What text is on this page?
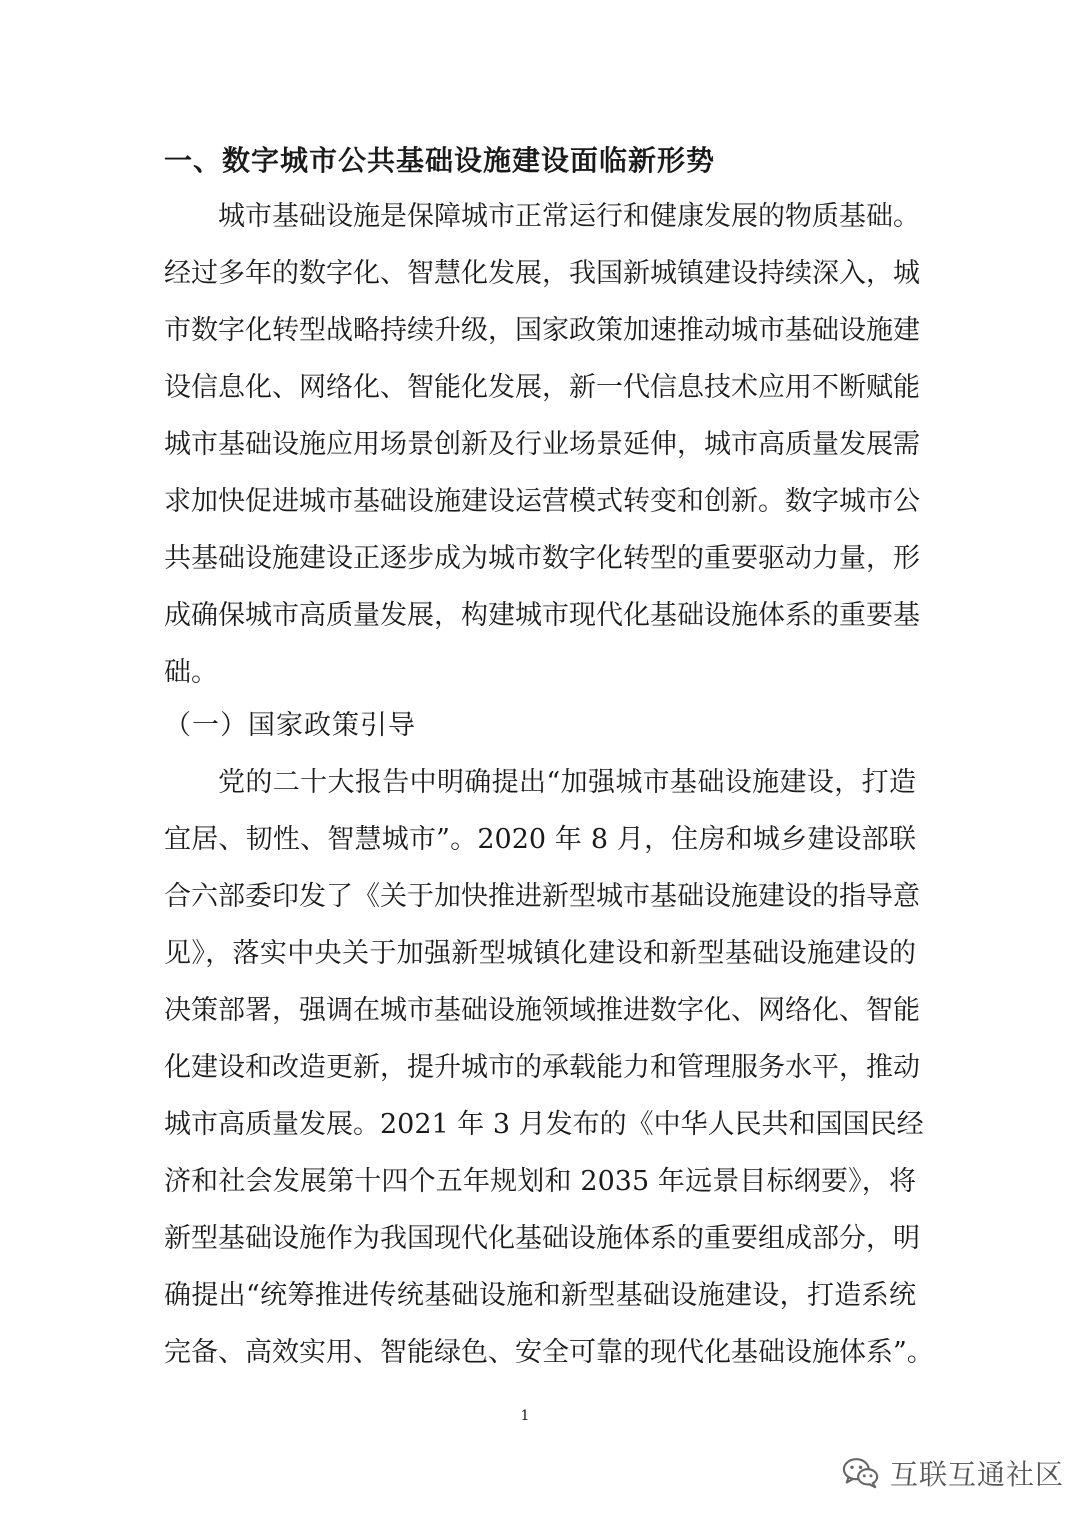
一、数字城市公共基础设施建设面临新形势
城市基础设施是保障城市正常运行和健康发展的物质基础。
经过多年的数字化、智慧化发展，我国新城镇建设持续深入，城
市数字化转型战略持续升级，国家政策加速推动城市基础设施建
设信息化、网络化、智能化发展，新一代信息技术应用不断赋能
城市基础设施应用场景创新及行业场景延伸，城市高质量发展需
求加快促进城市基础设施建设运营模式转变和创新。数字城市公
共基础设施建设正逐步成为城市数字化转型的重要驱动力量，形
成确保城市高质量发展，构建城市现代化基础设施体系的重要基
础。
（一）国家政策引导
党的二十大报告中明确提出“加强城市基础设施建设，打造
宜居、韧性、智慧城市”。2020 年 8 月，住房和城乡建设部联
合六部委印发了《关于加快推进新型城市基础设施建设的指导意
见》，落实中央关于加强新型城镇化建设和新型基础设施建设的
决策部署，强调在城市基础设施领域推进数字化、网络化、智能
化建设和改造更新，提升城市的承载能力和管理服务水平，推动
城市高质量发展。2021 年 3 月发布的《中华人民共和国国民经
济和社会发展第十四个五年规划和 2035 年远景目标纲要》，将
新型基础设施作为我国现代化基础设施体系的重要组成部分，明
确提出“统筹推进传统基础设施和新型基础设施建设，打造系统
完备、高效实用、智能绿色、安全可靠的现代化基础设施体系”。
1
互联互通社区
